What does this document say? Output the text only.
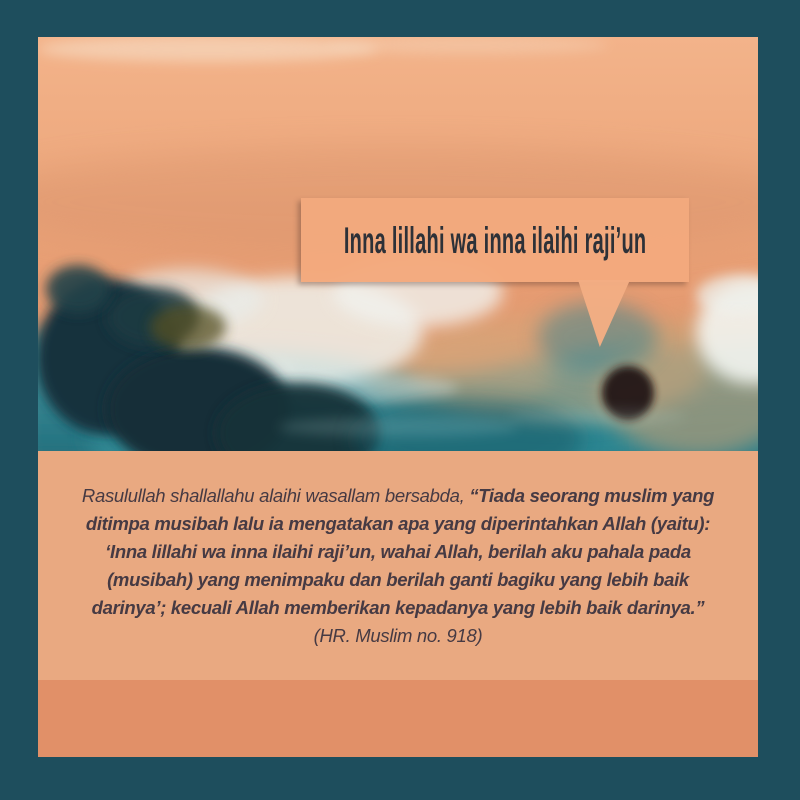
Inna lillahi wa inna ilaihi raji’un

Rasulullah shallallahu alaihi wasallam bersabda, “Tiada seorang muslim yang ditimpa musibah lalu ia mengatakan apa yang diperintahkan Allah (yaitu): ‘Inna lillahi wa inna ilaihi raji’un, wahai Allah, berilah aku pahala pada (musibah) yang menimpaku dan berilah ganti bagiku yang lebih baik darinya’; kecuali Allah memberikan kepadanya yang lebih baik darinya.” (HR. Muslim no. 918)
